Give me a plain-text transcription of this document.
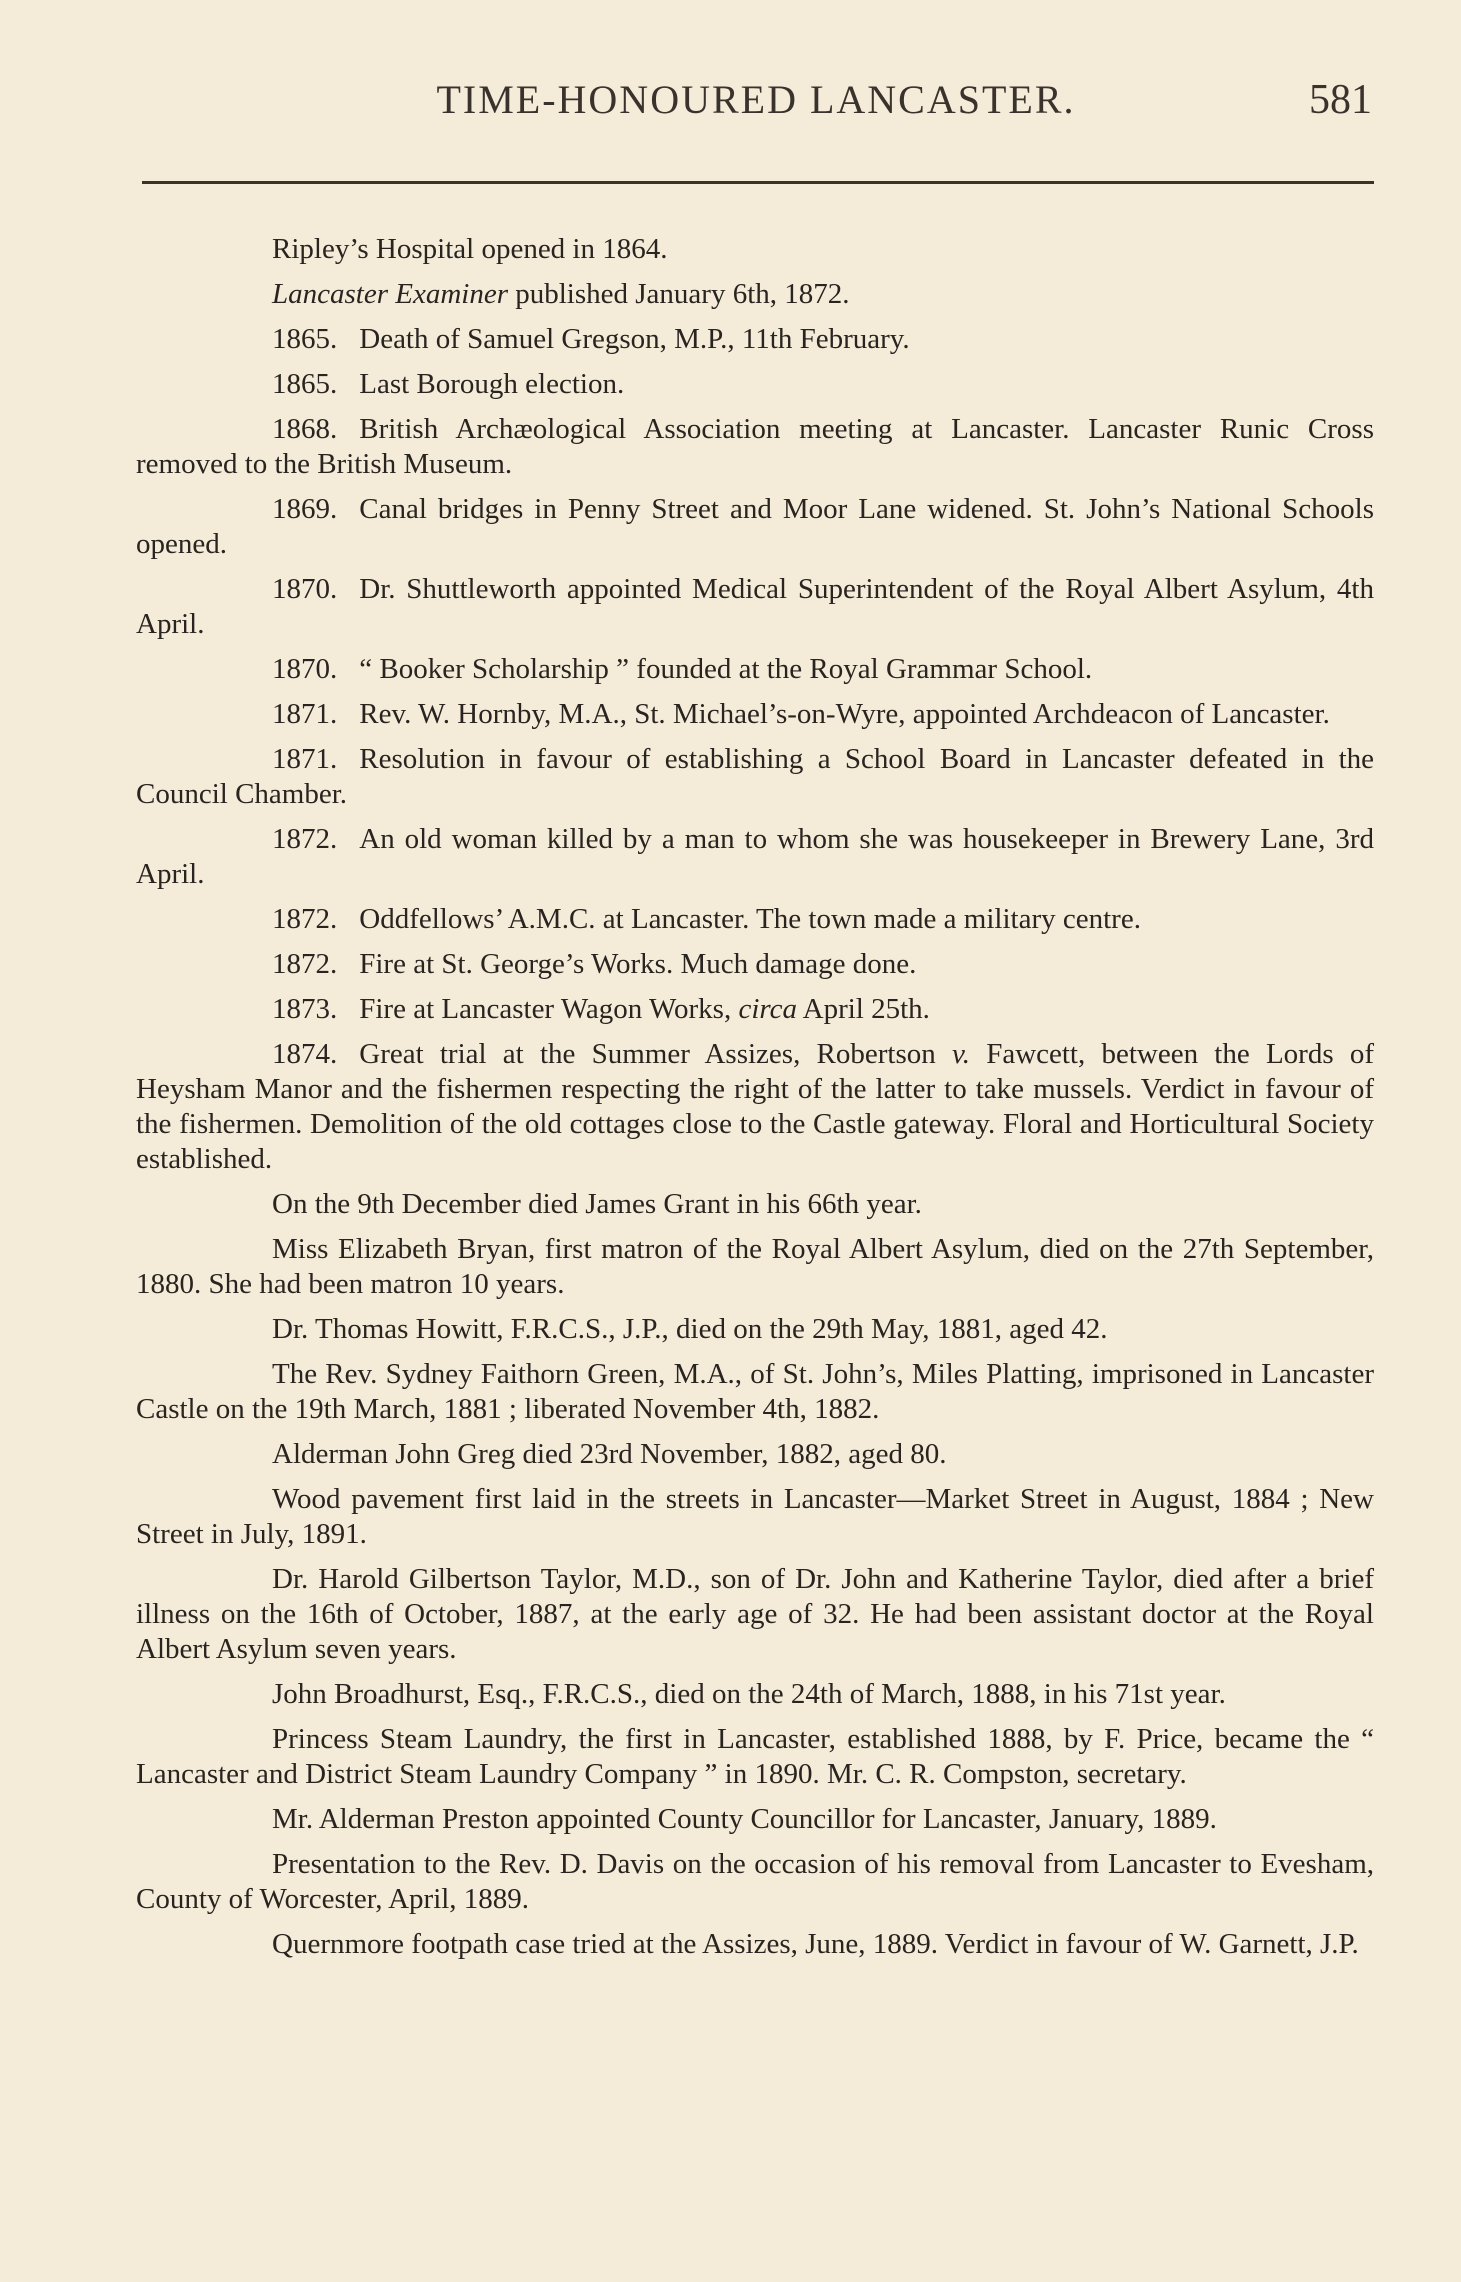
TIME-HONOURED LANCASTER.	581

Ripley’s Hospital opened in 1864.

Lancaster Examiner published January 6th, 1872.

1865. Death of Samuel Gregson, M.P., 11th February.

1865. Last Borough election.

1868. British Archæological Association meeting at Lancaster. Lancaster Runic Cross removed to the British Museum.

1869. Canal bridges in Penny Street and Moor Lane widened. St. John’s National Schools opened.

1870. Dr. Shuttleworth appointed Medical Superintendent of the Royal Albert Asylum, 4th April.

1870. “ Booker Scholarship ” founded at the Royal Grammar School.

1871. Rev. W. Hornby, M.A., St. Michael’s-on-Wyre, appointed Archdeacon of Lancaster.

1871. Resolution in favour of establishing a School Board in Lancaster defeated in the Council Chamber.

1872. An old woman killed by a man to whom she was housekeeper in Brewery Lane, 3rd April.

1872. Oddfellows’ A.M.C. at Lancaster. The town made a military centre.

1872. Fire at St. George’s Works. Much damage done.

1873. Fire at Lancaster Wagon Works, circa April 25th.

1874. Great trial at the Summer Assizes, Robertson v. Fawcett, between the Lords of Heysham Manor and the fishermen respecting the right of the latter to take mussels. Verdict in favour of the fishermen. Demolition of the old cottages close to the Castle gateway. Floral and Horticultural Society established.

On the 9th December died James Grant in his 66th year.

Miss Elizabeth Bryan, first matron of the Royal Albert Asylum, died on the 27th September, 1880. She had been matron 10 years.

Dr. Thomas Howitt, F.R.C.S., J.P., died on the 29th May, 1881, aged 42.

The Rev. Sydney Faithorn Green, M.A., of St. John’s, Miles Platting, imprisoned in Lancaster Castle on the 19th March, 1881 ; liberated November 4th, 1882.

Alderman John Greg died 23rd November, 1882, aged 80.

Wood pavement first laid in the streets in Lancaster—Market Street in August, 1884 ; New Street in July, 1891.

Dr. Harold Gilbertson Taylor, M.D., son of Dr. John and Katherine Taylor, died after a brief illness on the 16th of October, 1887, at the early age of 32. He had been assistant doctor at the Royal Albert Asylum seven years.

John Broadhurst, Esq., F.R.C.S., died on the 24th of March, 1888, in his 71st year.

Princess Steam Laundry, the first in Lancaster, established 1888, by F. Price, became the “ Lancaster and District Steam Laundry Company ” in 1890. Mr. C. R. Compston, secretary.

Mr. Alderman Preston appointed County Councillor for Lancaster, January, 1889.

Presentation to the Rev. D. Davis on the occasion of his removal from Lancaster to Evesham, County of Worcester, April, 1889.

Quernmore footpath case tried at the Assizes, June, 1889. Verdict in favour of W. Garnett, J.P.
